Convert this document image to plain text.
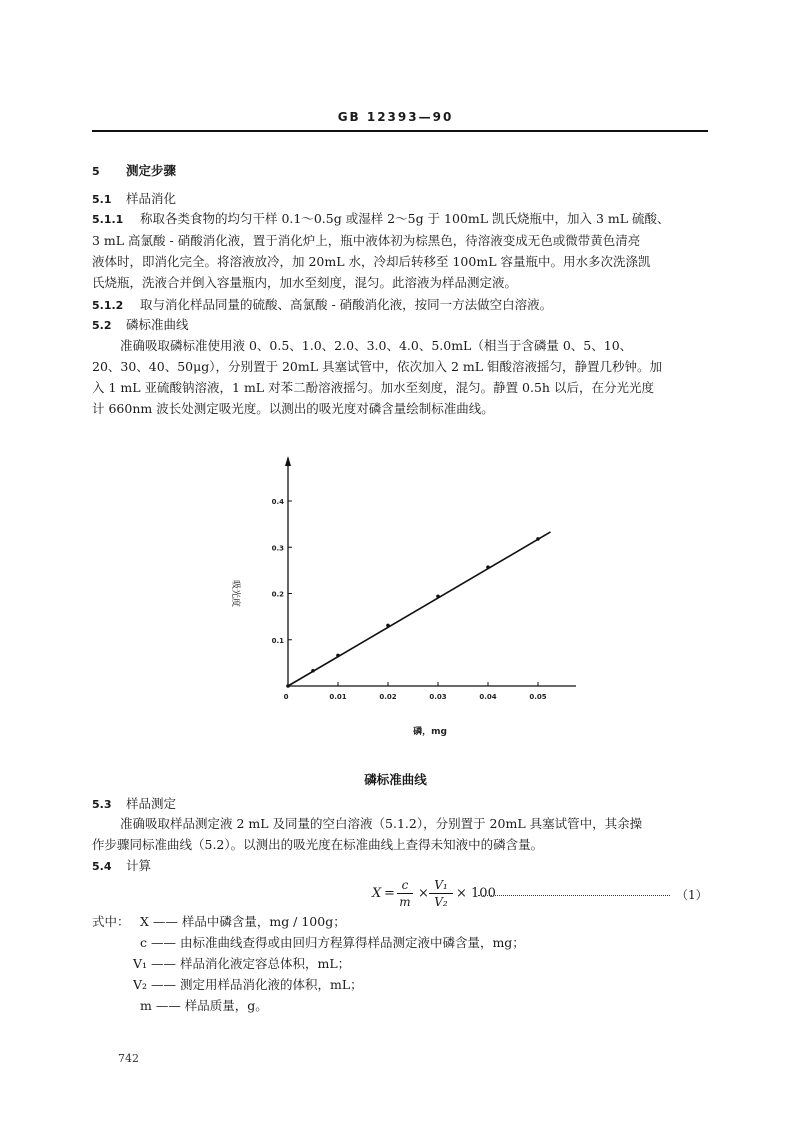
GB 12393—90
5 测定步骤
5.1 样品消化
5.1.1 称取各类食物的均匀干样 0.1～0.5g 或湿样 2～5g 于 100mL 凯氏烧瓶中，加入 3 mL 硫酸、
3 mL 高氯酸 - 硝酸消化液，置于消化炉上，瓶中液体初为棕黑色，待溶液变成无色或微带黄色清亮
液体时，即消化完全。将溶液放冷，加 20mL 水，冷却后转移至 100mL 容量瓶中。用水多次洗涤凯
氏烧瓶，洗液合并倒入容量瓶内，加水至刻度，混匀。此溶液为样品测定液。
5.1.2 取与消化样品同量的硫酸、高氯酸 - 硝酸消化液，按同一方法做空白溶液。
5.2 磷标准曲线
准确吸取磷标准使用液 0、0.5、1.0、2.0、3.0、4.0、5.0mL（相当于含磷量 0、5、10、
20、30、40、50μg），分别置于 20mL 具塞试管中，依次加入 2 mL 钼酸溶液摇匀，静置几秒钟。加
入 1 mL 亚硫酸钠溶液，1 mL 对苯二酚溶液摇匀。加水至刻度，混匀。静置 0.5h 以后，在分光光度
计 660nm 波长处测定吸光度。以测出的吸光度对磷含量绘制标准曲线。
0.1
0.2
0.3
0.4
0	0.01	0.02	0.03	0.04	0.05
吸光度
磷，mg
磷标准曲线
5.3 样品测定
准确吸取样品测定液 2 mL 及同量的空白溶液（5.1.2），分别置于 20mL 具塞试管中，其余操
作步骤同标准曲线（5.2）。以测出的吸光度在标准曲线上查得未知液中的磷含量。
5.4 计算
X =
c
m
×
V₁
V₂
× 100	（1）
式中： X —— 样品中磷含量，mg / 100g；
c —— 由标准曲线查得或由回归方程算得样品测定液中磷含量，mg；
V₁ —— 样品消化液定容总体积，mL；
V₂ —— 测定用样品消化液的体积，mL；
m —— 样品质量，g。
742
